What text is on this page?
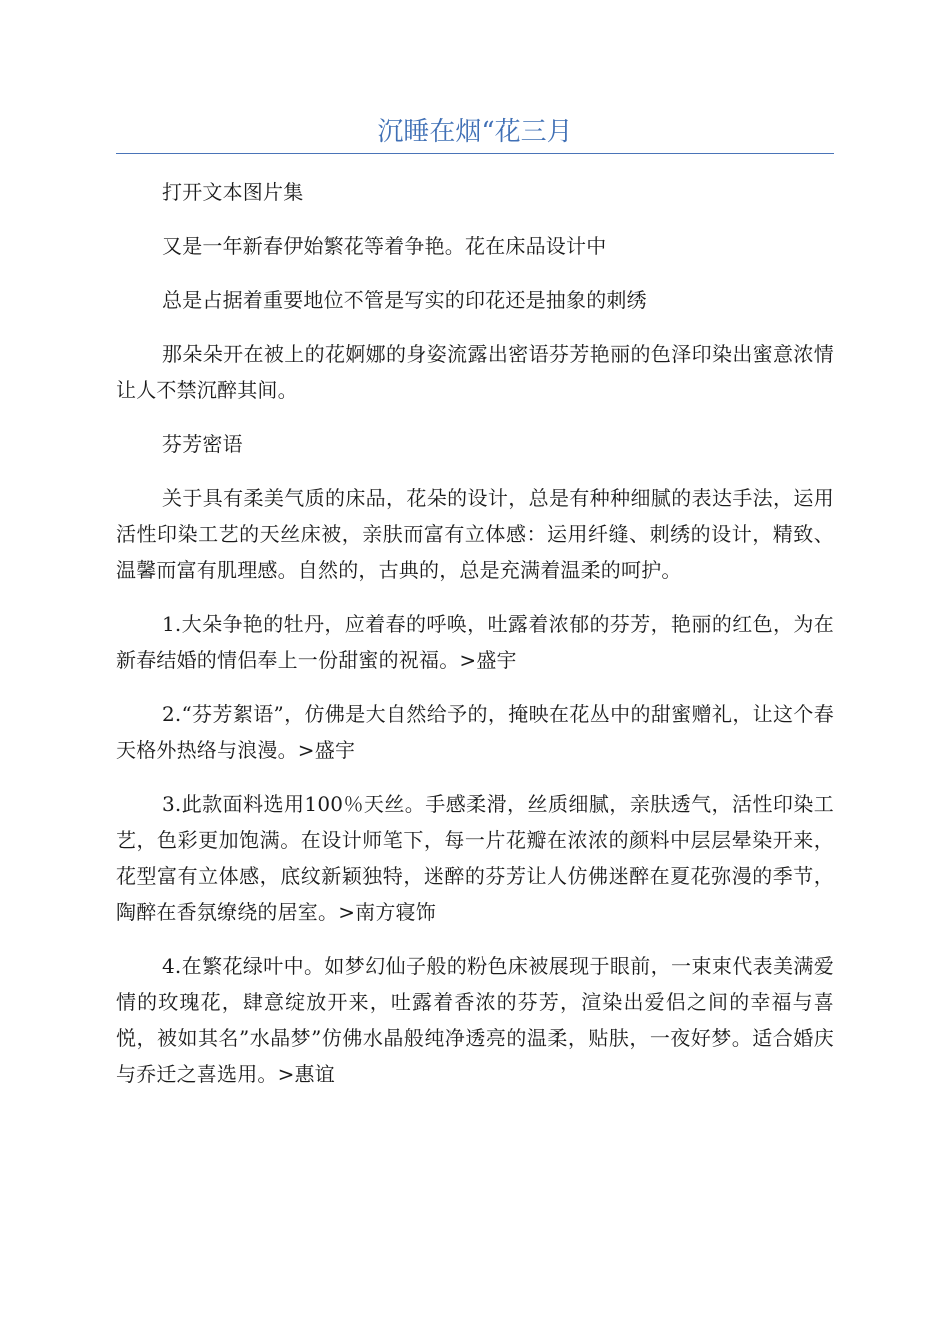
沉睡在烟“花三月

打开文本图片集

又是一年新春伊始繁花等着争艳。花在床品设计中

总是占据着重要地位不管是写实的印花还是抽象的刺绣

那朵朵开在被上的花婀娜的身姿流露出密语芬芳艳丽的色泽印染出蜜意浓情让人不禁沉醉其间。

芬芳密语

关于具有柔美气质的床品，花朵的设计，总是有种种细腻的表达手法，运用活性印染工艺的天丝床被，亲肤而富有立体感：运用纤缝、刺绣的设计，精致、温馨而富有肌理感。自然的，古典的，总是充满着温柔的呵护。

1.大朵争艳的牡丹，应着春的呼唤，吐露着浓郁的芬芳，艳丽的红色，为在新春结婚的情侣奉上一份甜蜜的祝福。>盛宇

2.“芬芳絮语”，仿佛是大自然给予的，掩映在花丛中的甜蜜赠礼，让这个春天格外热络与浪漫。>盛宇

3.此款面料选用100％天丝。手感柔滑，丝质细腻，亲肤透气，活性印染工艺，色彩更加饱满。在设计师笔下，每一片花瓣在浓浓的颜料中层层晕染开来，花型富有立体感，底纹新颖独特，迷醉的芬芳让人仿佛迷醉在夏花弥漫的季节，陶醉在香氛缭绕的居室。>南方寝饰

4.在繁花绿叶中。如梦幻仙子般的粉色床被展现于眼前，一束束代表美满爱情的玫瑰花，肆意绽放开来，吐露着香浓的芬芳，渲染出爱侣之间的幸福与喜悦，被如其名”水晶梦”仿佛水晶般纯净透亮的温柔，贴肤，一夜好梦。适合婚庆与乔迁之喜选用。>惠谊
